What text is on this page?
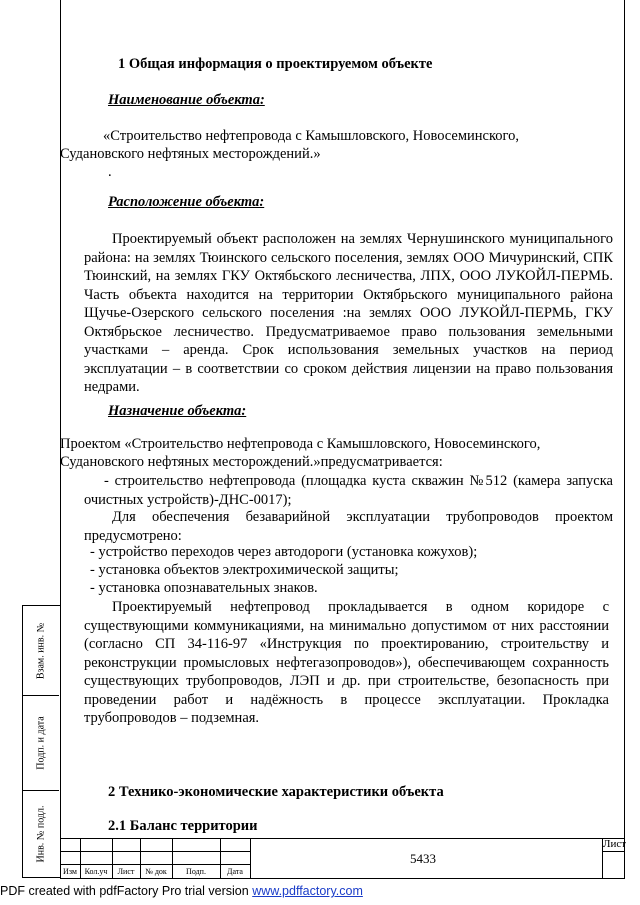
Взам. инв. №
Подп. и дата
Инв. № подл.
1 Общая информация о проектируемом объекте
Наименование объекта:
«Строительство нефтепровода с Камышловского, Новосеминского,
Судановского нефтяных месторождений.»
.
Расположение объекта:
Проектируемый объект расположен на землях Чернушинского муниципального района: на землях Тюинского сельского поселения, землях ООО Мичуринский, СПК Тюинский, на землях ГКУ Октябьского лесничества, ЛПХ, ООО ЛУКОЙЛ-ПЕРМЬ. Часть объекта находится на территории Октябрьского муниципального района Щучье-Озерского сельского поселения :на землях ООО ЛУКОЙЛ-ПЕРМЬ, ГКУ Октябрьское лесничество. Предусматриваемое право пользования земельными участками – аренда. Срок использования земельных участков на период эксплуатации – в соответствии со сроком действия лицензии на право пользования недрами.
Назначение объекта:
Проектом «Строительство нефтепровода с Камышловского, Новосеминского,
Судановского нефтяных месторождений.»предусматривается:
- строительство нефтепровода (площадка куста скважин №512 (камера запуска очистных устройств)-ДНС-0017);
Для обеспечения безаварийной эксплуатации трубопроводов проектом предусмотрено:
- устройство переходов через автодороги (установка кожухов);
- установка объектов электрохимической защиты;
- установка опознавательных знаков.
Проектируемый нефтепровод прокладывается в одном коридоре с существующими коммуникациями, на минимально допустимом от них расстоянии (согласно СП 34-116-97 «Инструкция по проектированию, строительству и реконструкции промысловых нефтегазопроводов»), обеспечивающем сохранность существующих трубопроводов, ЛЭП и др. при строительстве, безопасность при проведении работ и надёжность в процессе эксплуатации. Прокладка трубопроводов – подземная.
2 Технико-экономические характеристики объекта
2.1 Баланс территории
Изм Кол.уч	Лист	№ док	Подп.	Дата
5433
Лист
PDF created with pdfFactory Pro trial version www.pdffactory.com
